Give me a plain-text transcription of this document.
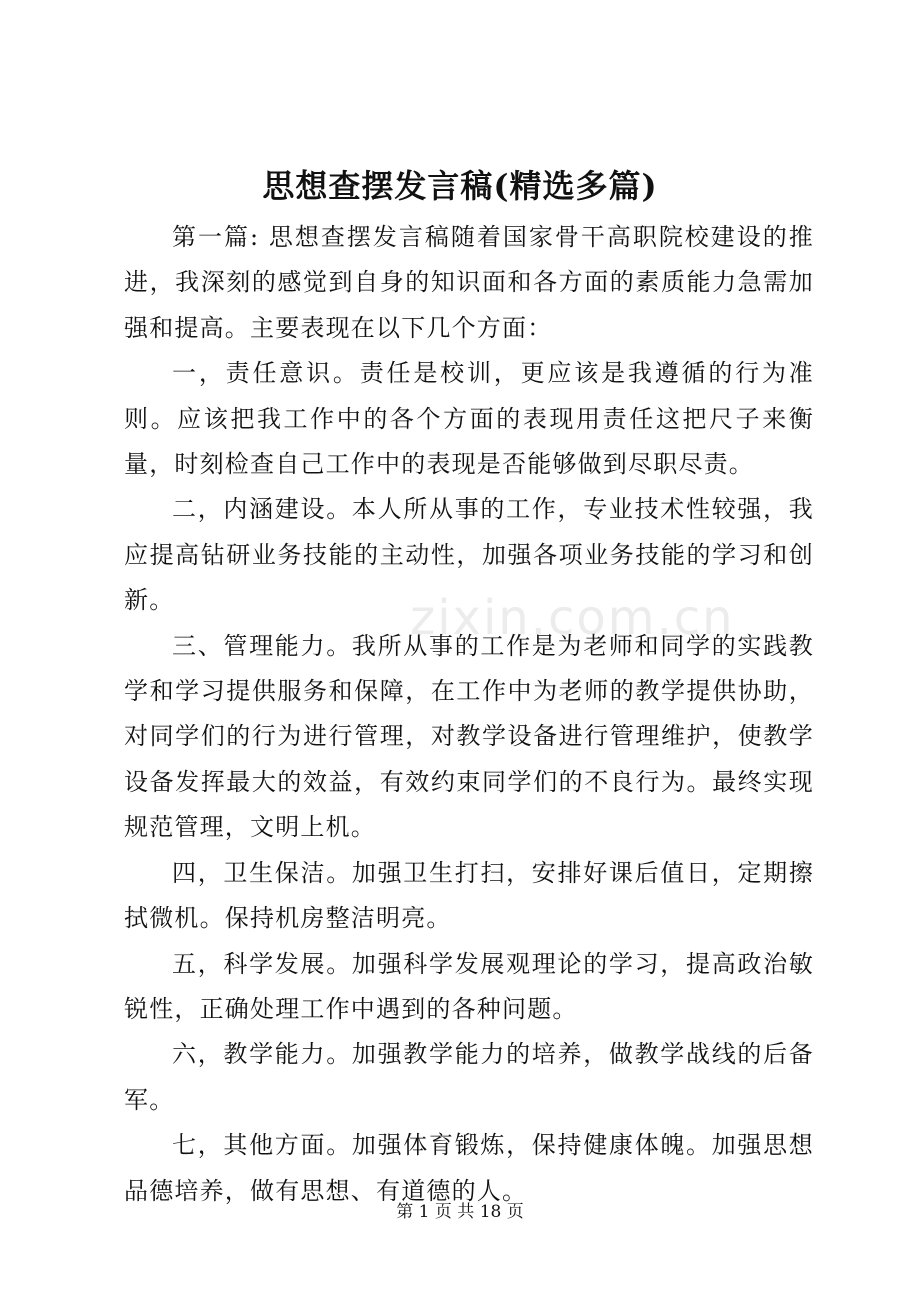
思想查摆发言稿(精选多篇)

第一篇: 思想查摆发言稿随着国家骨干高职院校建设的推进，我深刻的感觉到自身的知识面和各方面的素质能力急需加强和提高。主要表现在以下几个方面：

一，责任意识。责任是校训，更应该是我遵循的行为准则。应该把我工作中的各个方面的表现用责任这把尺子来衡量，时刻检查自己工作中的表现是否能够做到尽职尽责。

二，内涵建设。本人所从事的工作，专业技术性较强，我应提高钻研业务技能的主动性，加强各项业务技能的学习和创新。

三、管理能力。我所从事的工作是为老师和同学的实践教学和学习提供服务和保障，在工作中为老师的教学提供协助，对同学们的行为进行管理，对教学设备进行管理维护，使教学设备发挥最大的效益，有效约束同学们的不良行为。最终实现规范管理，文明上机。

四，卫生保洁。加强卫生打扫，安排好课后值日，定期擦拭微机。保持机房整洁明亮。

五，科学发展。加强科学发展观理论的学习，提高政治敏锐性，正确处理工作中遇到的各种问题。

六，教学能力。加强教学能力的培养，做教学战线的后备军。

七，其他方面。加强体育锻炼，保持健康体魄。加强思想品德培养，做有思想、有道德的人。

zixin.com.cn
第 1 页 共 18 页
